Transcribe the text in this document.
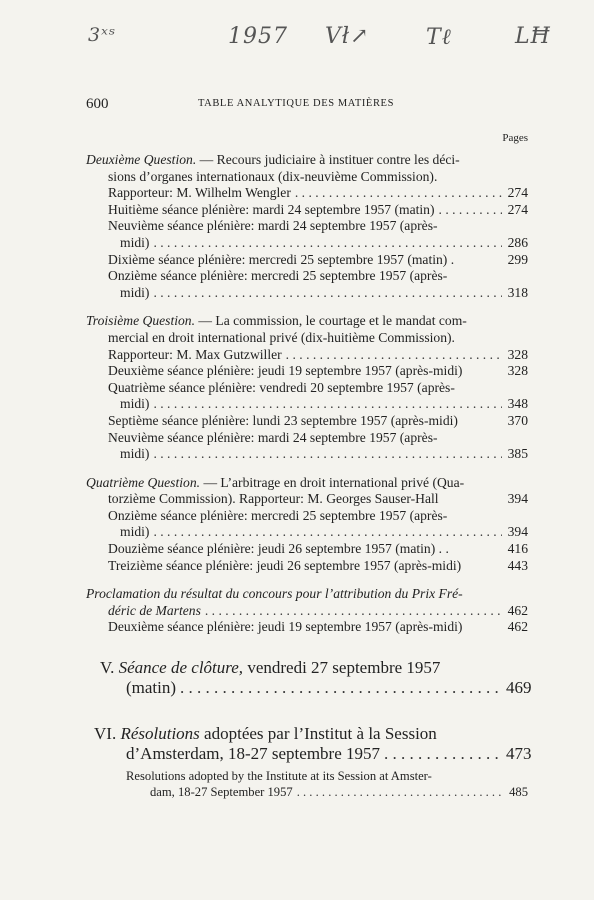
3ˣˢ	1957 Vł↗	Tℓ	LĦ
600	TABLE ANALYTIQUE DES MATIÈRES
Pages
Deuxième Question. — Recours judiciaire à instituer contre les déci-
sions d’organes internationaux (dix-neuvième Commission).
Rapporteur: M. Wilhelm Wengler . . .	274
Huitième séance plénière: mardi 24 septembre 1957 (matin) . . .	274
Neuvième séance plénière: mardi 24 septembre 1957 (après-
midi) . . .	286
Dixième séance plénière: mercredi 25 septembre 1957 (matin) .	299
Onzième séance plénière: mercredi 25 septembre 1957 (après-
midi) . . .	318
Troisième Question. — La commission, le courtage et le mandat com-
mercial en droit international privé (dix-huitième Commission).
Rapporteur: M. Max Gutzwiller . . .	328
Deuxième séance plénière: jeudi 19 septembre 1957 (après-midi)	328
Quatrième séance plénière: vendredi 20 septembre 1957 (après-
midi) . . .	348
Septième séance plénière: lundi 23 septembre 1957 (après-midi)	370
Neuvième séance plénière: mardi 24 septembre 1957 (après-
midi) . . .	385
Quatrième Question. — L’arbitrage en droit international privé (Qua-
torzième Commission). Rapporteur: M. Georges Sauser-Hall	394
Onzième séance plénière: mercredi 25 septembre 1957 (après-
midi) . . .	394
Douzième séance plénière: jeudi 26 septembre 1957 (matin) . .	416
Treizième séance plénière: jeudi 26 septembre 1957 (après-midi)	443
Proclamation du résultat du concours pour l’attribution du Prix Fré-
déric de Martens . . .	462
Deuxième séance plénière: jeudi 19 septembre 1957 (après-midi)	462
V. Séance de clôture, vendredi 27 septembre 1957
(matin) . . .	469
VI. Résolutions adoptées par l’Institut à la Session
d’Amsterdam, 18-27 septembre 1957 . . .	473
Resolutions adopted by the Institute at its Session at Amster-
dam, 18-27 September 1957 . . .	485
